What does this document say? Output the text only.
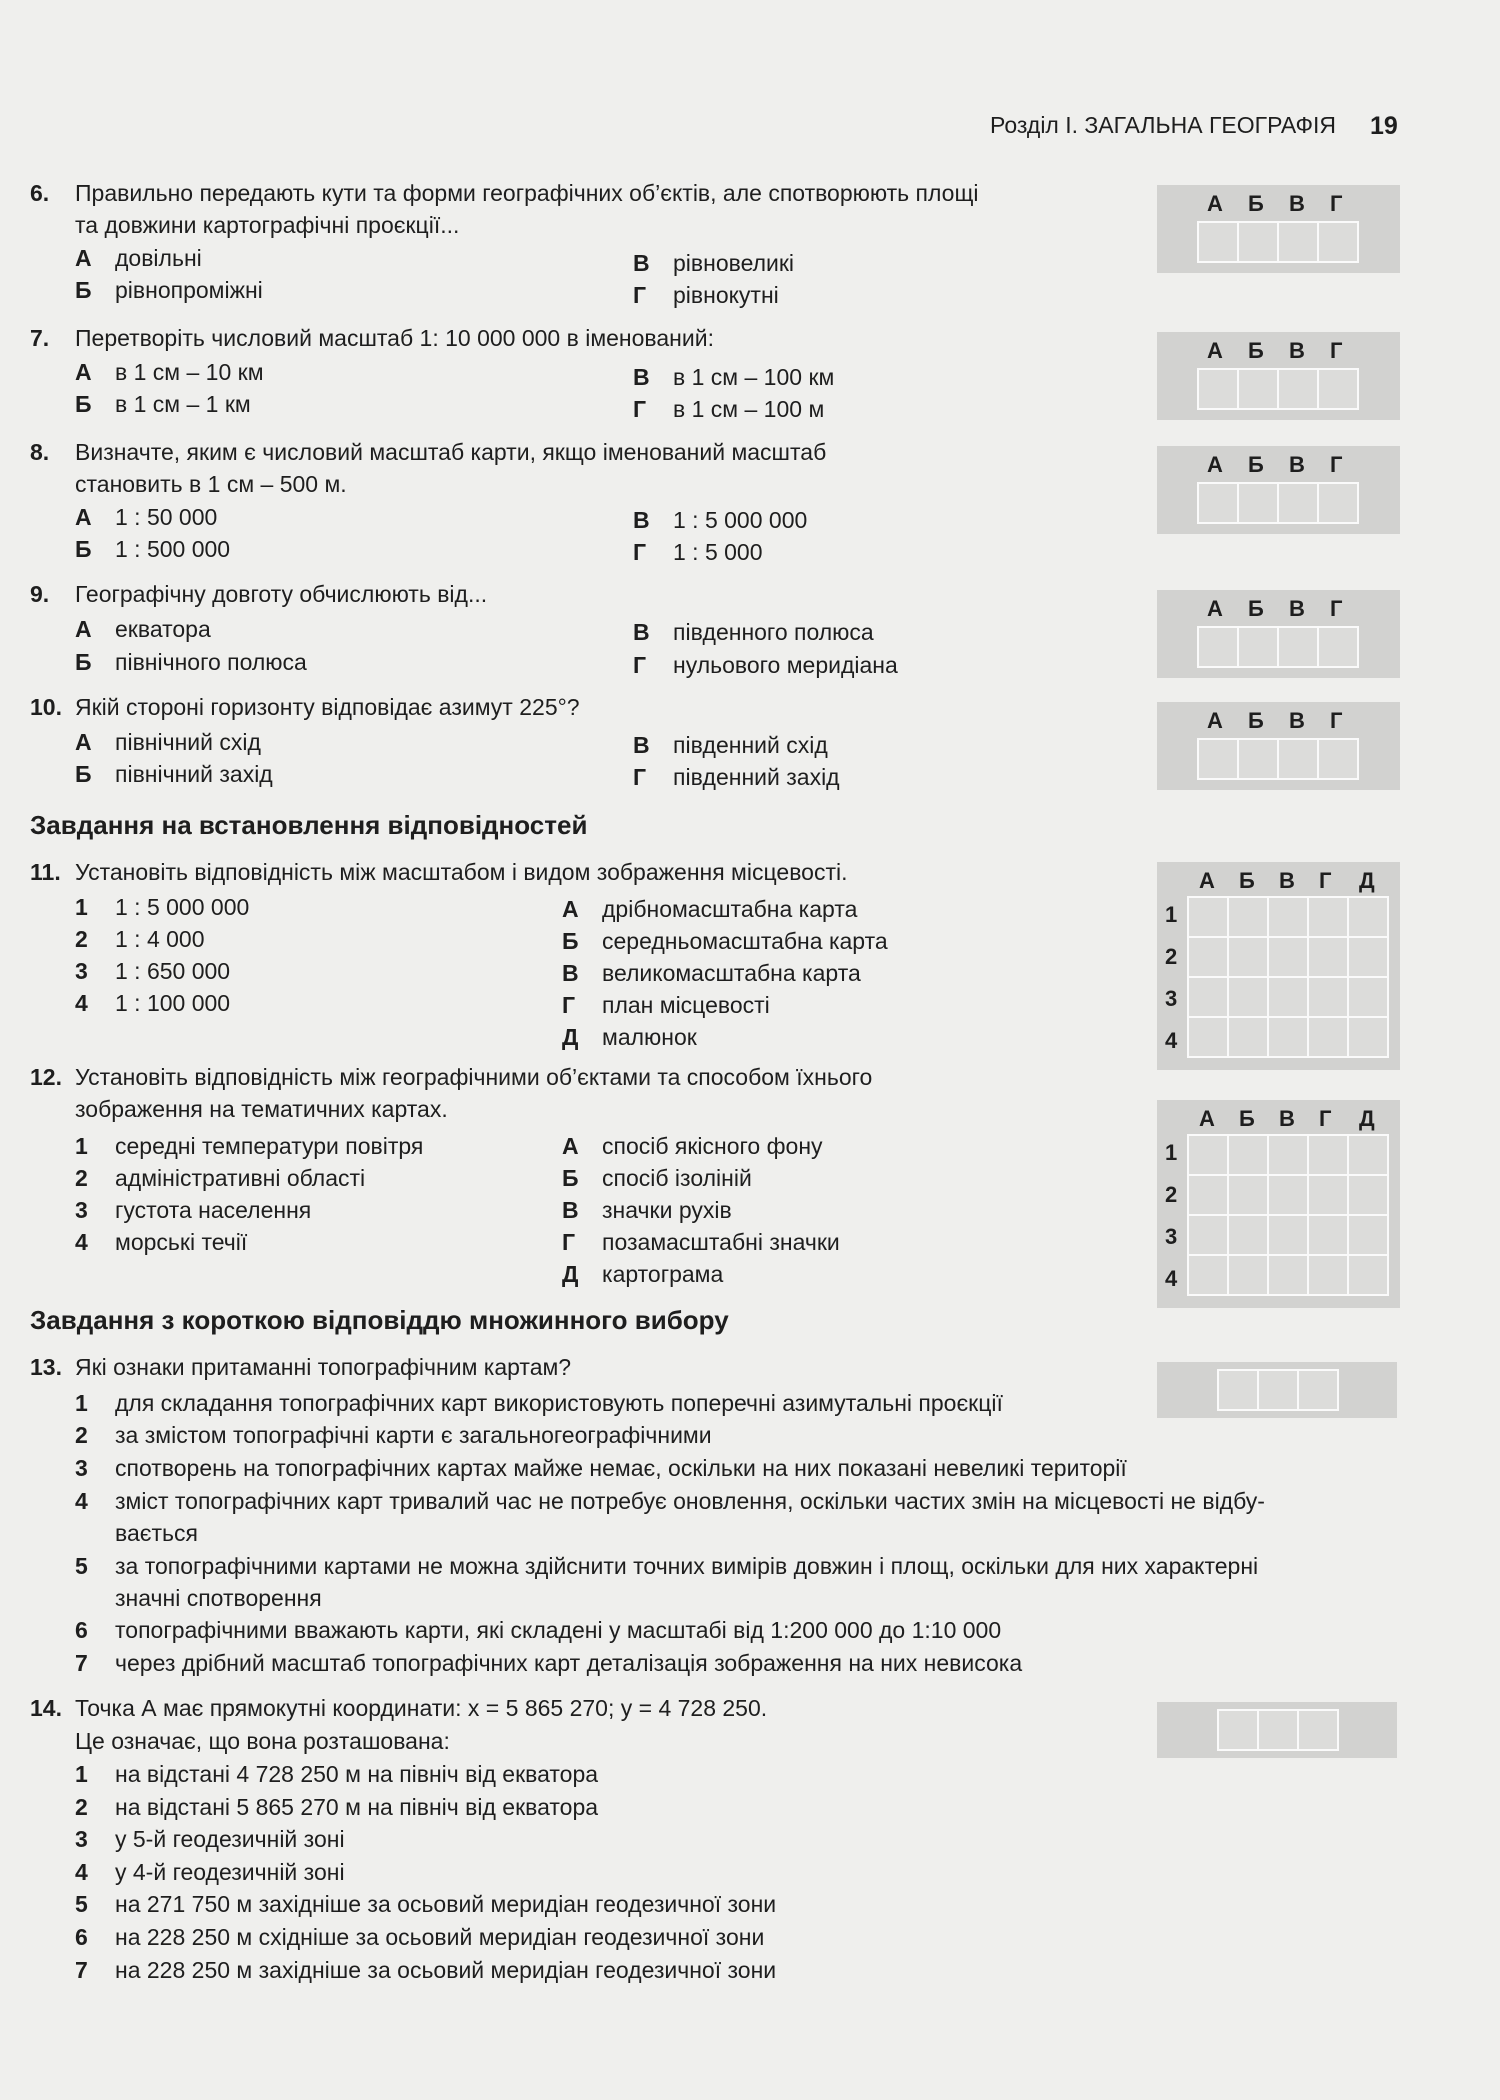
Розділ I. ЗАГАЛЬНА ГЕОГРАФІЯ 19
6. Правильно передають кути та форми географічних об’єктів, але спотворюють площі
та довжини картографічні проєкції...
А довільні
Б рівнопроміжні
В рівновеликі
Г рівнокутні
А Б В Г
7. Перетворіть числовий масштаб 1: 10 000 000 в іменований:
А в 1 см – 10 км
Б в 1 см – 1 км
В в 1 см – 100 км
Г в 1 см – 100 м
А Б В Г
8. Визначте, яким є числовий масштаб карти, якщо іменований масштаб
становить в 1 см – 500 м.
А 1 : 50 000
Б 1 : 500 000
В 1 : 5 000 000
Г 1 : 5 000
А Б В Г
9. Географічну довготу обчислюють від...
А екватора
Б північного полюса
В південного полюса
Г нульового меридіана
А Б В Г
10. Якій стороні горизонту відповідає азимут 225°?
А північний схід
Б північний захід
В південний схід
Г південний захід
А Б В Г
Завдання на встановлення відповідностей
11. Установіть відповідність між масштабом і видом зображення місцевості.
1 1 : 5 000 000
2 1 : 4 000
3 1 : 650 000
4 1 : 100 000
А дрібномасштабна карта
Б середньомасштабна карта
В великомасштабна карта
Г план місцевості
Д малюнок
А Б В Г Д
1
2
3
4

12. Установіть відповідність між географічними об’єктами та способом їхнього
зображення на тематичних картах.
1 середні температури повітря
2 адміністративні області
3 густота населення
4 морські течії
А спосіб якісного фону
Б спосіб ізоліній
В значки рухів
Г позамасштабні значки
Д картограма
А Б В Г Д
1
2
3
4

Завдання з короткою відповіддю множинного вибору
13. Які ознаки притаманні топографічним картам?
1 для складання топографічних карт використовують поперечні азимутальні проєкції
2 за змістом топографічні карти є загальногеографічними
3 спотворень на топографічних картах майже немає, оскільки на них показані невеликі території
4 зміст топографічних карт тривалий час не потребує оновлення, оскільки частих змін на місцевості не відбу-
вається
5 за топографічними картами не можна здійснити точних вимірів довжин і площ, оскільки для них характерні
значні спотворення
6 топографічними вважають карти, які складені у масштабі від 1:200 000 до 1:10 000
7 через дрібний масштаб топографічних карт деталізація зображення на них невисока
14. Точка А має прямокутні координати: х = 5 865 270; у = 4 728 250.
Це означає, що вона розташована:
1 на відстані 4 728 250 м на північ від екватора
2 на відстані 5 865 270 м на північ від екватора
3 у 5-й геодезичній зоні
4 у 4-й геодезичній зоні
5 на 271 750 м західніше за осьовий меридіан геодезичної зони
6 на 228 250 м східніше за осьовий меридіан геодезичної зони
7 на 228 250 м західніше за осьовий меридіан геодезичної зони
